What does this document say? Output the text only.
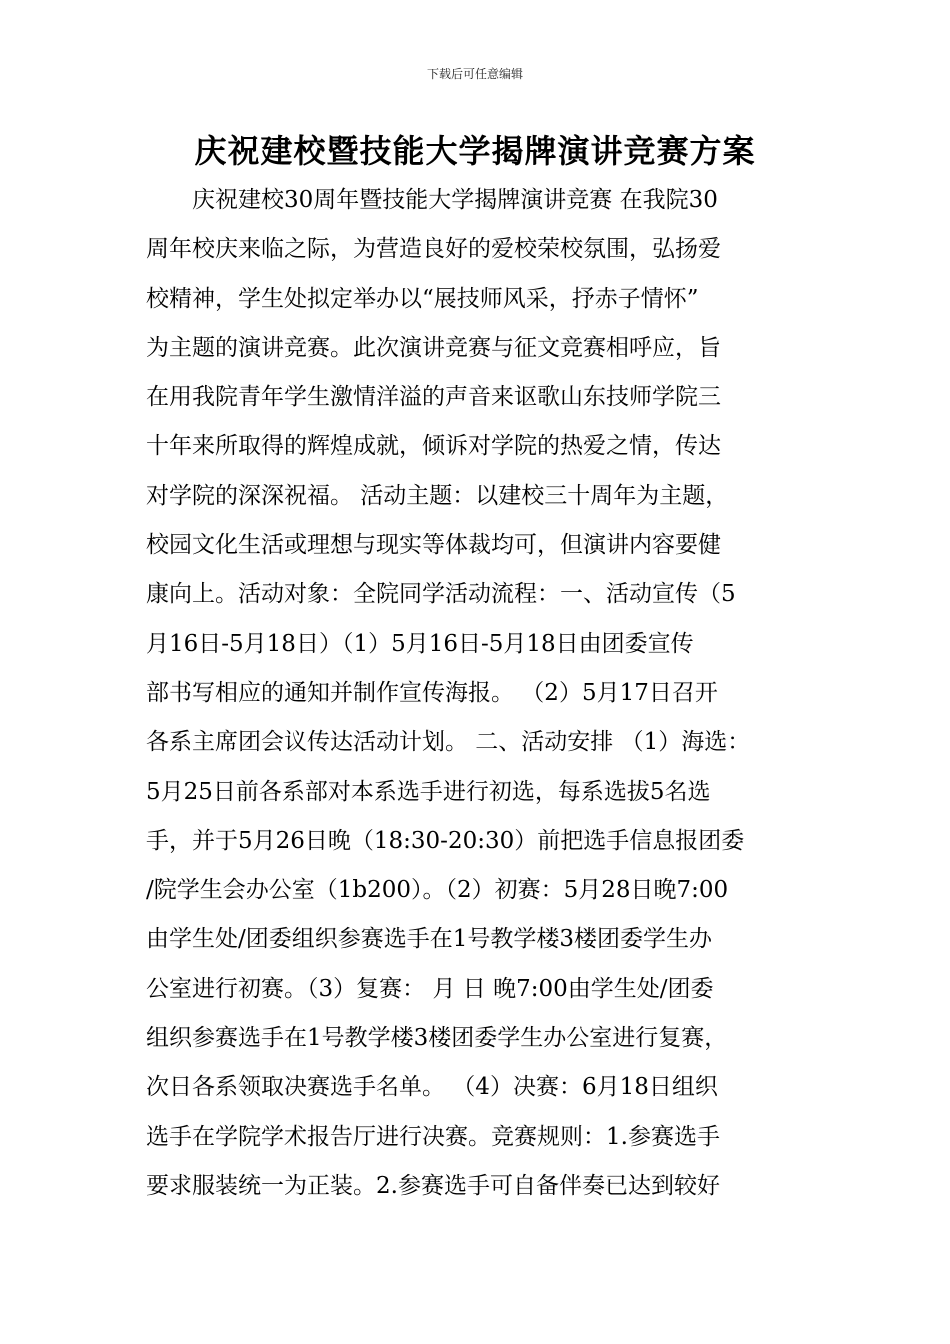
下载后可任意编辑
庆祝建校暨技能大学揭牌演讲竞赛方案
　　庆祝建校30周年暨技能大学揭牌演讲竞赛 在我院30
周年校庆来临之际，为营造良好的爱校荣校氛围，弘扬爱
校精神，学生处拟定举办以“展技师风采，抒赤子情怀”
为主题的演讲竞赛。此次演讲竞赛与征文竞赛相呼应，旨
在用我院青年学生激情洋溢的声音来讴歌山东技师学院三
十年来所取得的辉煌成就，倾诉对学院的热爱之情，传达
对学院的深深祝福。 活动主题：以建校三十周年为主题，
校园文化生活或理想与现实等体裁均可，但演讲内容要健
康向上。活动对象：全院同学活动流程：一、活动宣传（5
月16日-5月18日）（1）5月16日-5月18日由团委宣传
部书写相应的通知并制作宣传海报。 （2）5月17日召开
各系主席团会议传达活动计划。 二、活动安排 （1）海选：
5月25日前各系部对本系选手进行初选，每系选拔5名选
手，并于5月26日晚（18:30-20:30）前把选手信息报团委
/院学生会办公室（1b200）。（2）初赛：5月28日晚7:00
由学生处/团委组织参赛选手在1号教学楼3楼团委学生办
公室进行初赛。（3）复赛： 月 日 晚7:00由学生处/团委
组织参赛选手在1号教学楼3楼团委学生办公室进行复赛，
次日各系领取决赛选手名单。 （4）决赛：6月18日组织
选手在学院学术报告厅进行决赛。竞赛规则：1.参赛选手
要求服装统一为正装。2.参赛选手可自备伴奏已达到较好
